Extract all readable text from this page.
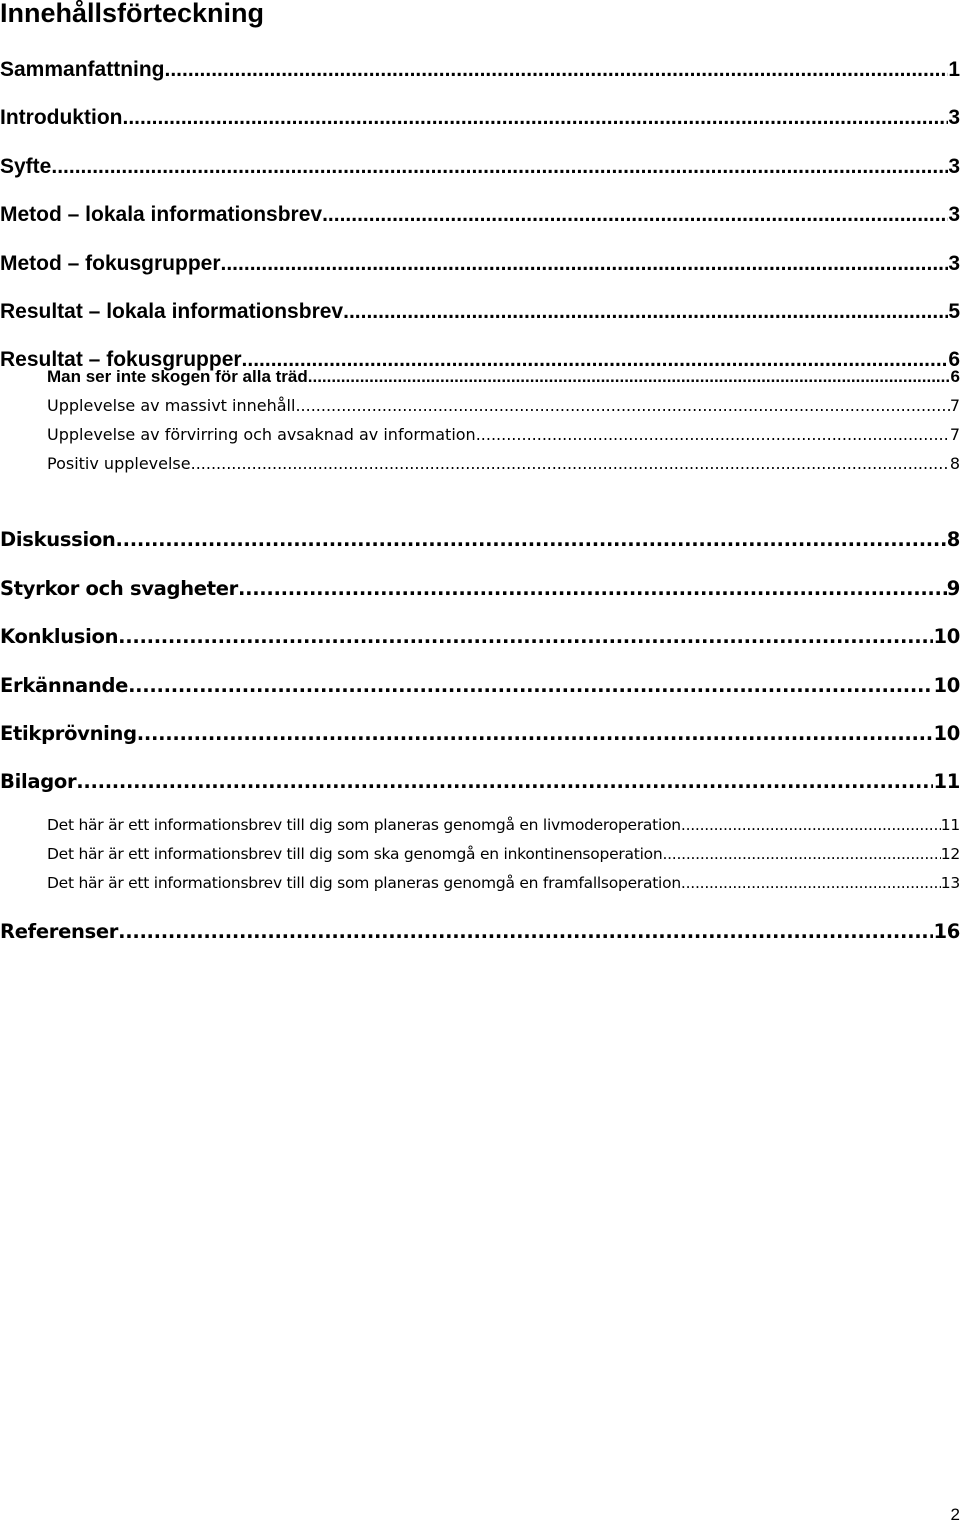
Innehållsförteckning
Sammanfattning .....	1
Introduktion .....	3
Syfte .....	3
Metod – lokala informationsbrev .....	3
Metod – fokusgrupper .....	3
Resultat – lokala informationsbrev .....	5
Resultat – fokusgrupper .....	6
Man ser inte skogen för alla träd .....	6
Upplevelse av massivt innehåll .....	7
Upplevelse av förvirring och avsaknad av information .....	7
Positiv upplevelse .....	8
Diskussion .....	8
Styrkor och svagheter .....	9
Konklusion .....	10
Erkännande .....	10
Etikprövning .....	10
Bilagor .....	11
Det här är ett informationsbrev till dig som planeras genomgå en livmoderoperation .....	11
Det här är ett informationsbrev till dig som ska genomgå en inkontinensoperation .....	12
Det här är ett informationsbrev till dig som planeras genomgå en framfallsoperation. .....	13
Referenser .....	16
2
